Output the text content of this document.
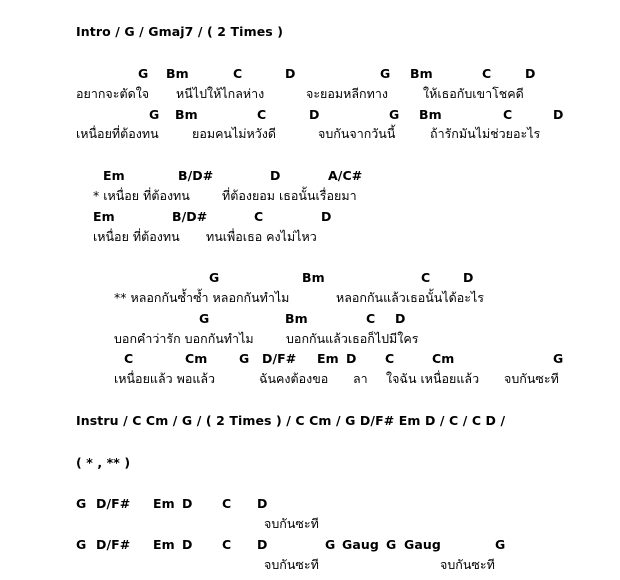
Intro / G / Gmaj7 / ( 2 Times )
G Bm	C	D	G Bm	C	D
อยากจะตัดใจ หนีไปให้ไกลห่าง	จะยอมหลีกทาง	ให้เธอกับเขาโชคดี
G Bm	C	D	G Bm	C	D
เหนื่อยที่ต้องทน	ยอมคนไม่หวังดี	จบกันจากวันนี้	ถ้ารักมันไม่ช่วยอะไร
Em	B/D#	D	A/C#
* เหนื่อย ที่ต้องทน	ที่ต้องยอม เธอนั้นเรื่อยมา
Em	B/D#	C	D
เหนื่อย ที่ต้องทน ทนเพื่อเธอ คงไม่ไหว
G	Bm	C	D
** หลอกกันซ้ำซ้ำ หลอกกันทำไม	หลอกกันแล้วเธอนั้นได้อะไร
G	Bm	C D
บอกคำว่ารัก บอกกันทำไม	บอกกันแล้วเธอก็ไปมีใคร
C	Cm	G D/F# Em D C	Cm	G
เหนื่อยแล้ว พอแล้ว	ฉันคงต้องขอ ลา ใจฉัน เหนื่อยแล้ว จบกันซะที
Instru / C Cm / G / ( 2 Times ) / C Cm / G D/F# Em D / C / C D /
( * , ** )
G D/F# Em D C D
จบกันซะที
G D/F# Em D C D	G Gaug G Gaug	G
จบกันซะที	จบกันซะที
